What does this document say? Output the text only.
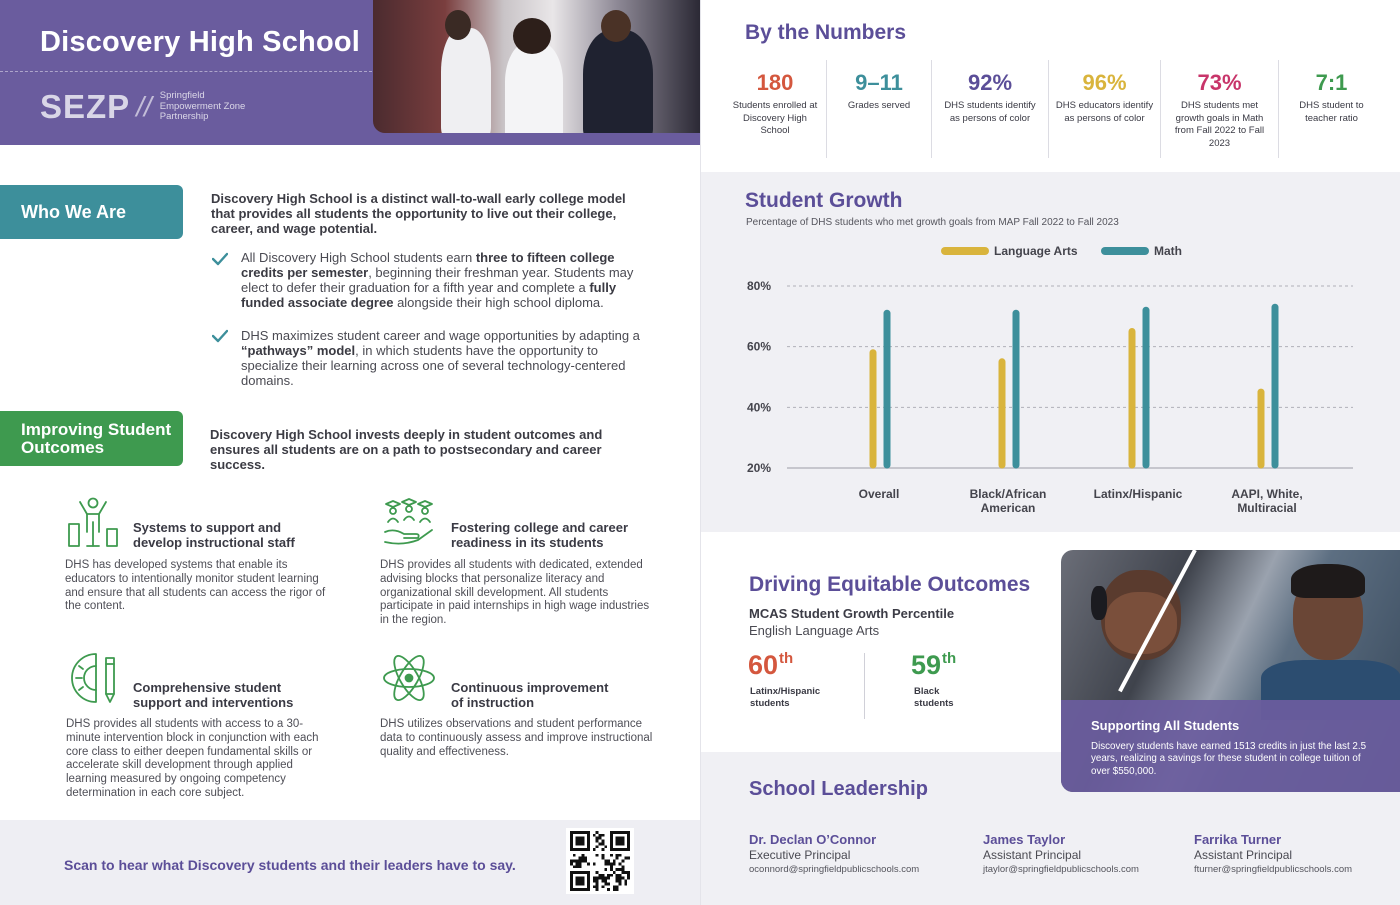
Discovery High School
SEZP // Springfield
Empowerment Zone
Partnership
Who We Are
Discovery High School is a distinct wall-to-wall early college model that provides all students the opportunity to live out their college, career, and wage potential.
All Discovery High School students earn three to fifteen college credits per semester, beginning their freshman year. Students may elect to defer their graduation for a fifth year and complete a fully funded associate degree alongside their high school diploma.
DHS maximizes student career and wage opportunities by adapting a “pathways” model, in which students have the opportunity to specialize their learning across one of several technology-centered domains.
Improving Student
Outcomes
Discovery High School invests deeply in student outcomes and ensures all students are on a path to postsecondary and career success.
Systems to support and
develop instructional staff
DHS has developed systems that enable its educators to intentionally monitor student learning and ensure that all students can access the rigor of the content.
Fostering college and career
readiness in its students
DHS provides all students with dedicated, extended advising blocks that personalize literacy and organizational skill development. All students participate in paid internships in high wage industries in the region.
Comprehensive student
support and interventions
DHS provides all students with access to a 30-minute intervention block in conjunction with each core class to either deepen fundamental skills or accelerate skill development through applied learning measured by ongoing competency determination in each core subject.
Continuous improvement
of instruction
DHS utilizes observations and student performance data to continuously assess and improve instructional quality and effectiveness.
Scan to hear what Discovery students and their leaders have to say.
By the Numbers
180
Students enrolled at Discovery High School
9–11
Grades served
92%
DHS students identify as persons of color
96%
DHS educators identify as persons of color
73%
DHS students met growth goals in Math from Fall 2022 to Fall 2023
7:1
DHS student to teacher ratio
Student Growth
Percentage of DHS students who met growth goals from MAP Fall 2022 to Fall 2023
Language Arts	Math
80%
60%
40%
20%
Overall	Black/African American
Latinx/Hispanic	AAPI, White, Multiracial
Driving Equitable Outcomes
MCAS Student Growth Percentile
English Language Arts
60th
Latinx/Hispanic
students
59th
Black
students
Supporting All Students
Discovery students have earned 1513 credits in just the last 2.5 years, realizing a savings for these student in college tuition of over $550,000.
School Leadership
Dr. Declan O’Connor
Executive Principal
oconnord@springfieldpublicschools.com
James Taylor
Assistant Principal
jtaylor@springfieldpublicschools.com
Farrika Turner
Assistant Principal
fturner@springfieldpublicschools.com
